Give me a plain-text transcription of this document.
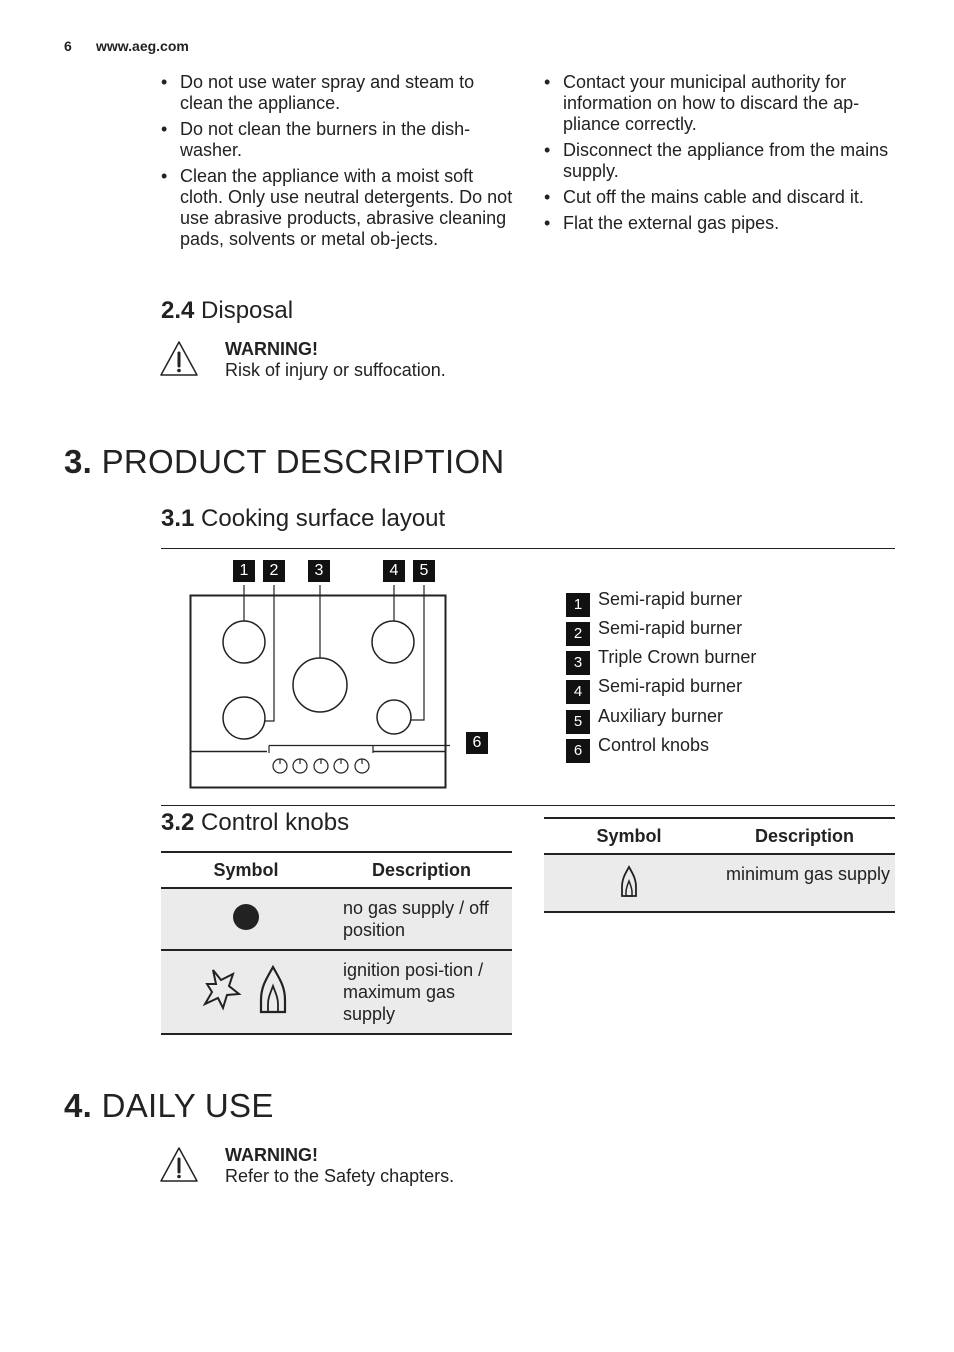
6 www.aeg.com
• Do not use water spray and steam to clean the appliance.
• Do not clean the burners in the dish-washer.
• Clean the appliance with a moist soft cloth. Only use neutral detergents. Do not use abrasive products, abrasive cleaning pads, solvents or metal ob-jects.
• Contact your municipal authority for information on how to discard the ap-pliance correctly.
• Disconnect the appliance from the mains supply.
• Cut off the mains cable and discard it.
• Flat the external gas pipes.
2.4 Disposal
WARNING!
Risk of injury or suffocation.
3. PRODUCT DESCRIPTION
3.1 Cooking surface layout
1	2	3	4	5
6
1 Semi-rapid burner
2 Semi-rapid burner
3 Triple Crown burner
4 Semi-rapid burner
5 Auxiliary burner
6 Control knobs
3.2 Control knobs
Symbol	Description
	no gas supply / off position
	ignition posi-tion / maximum gas supply
Symbol	Description
	minimum gas supply
4. DAILY USE
WARNING!
Refer to the Safety chapters.
